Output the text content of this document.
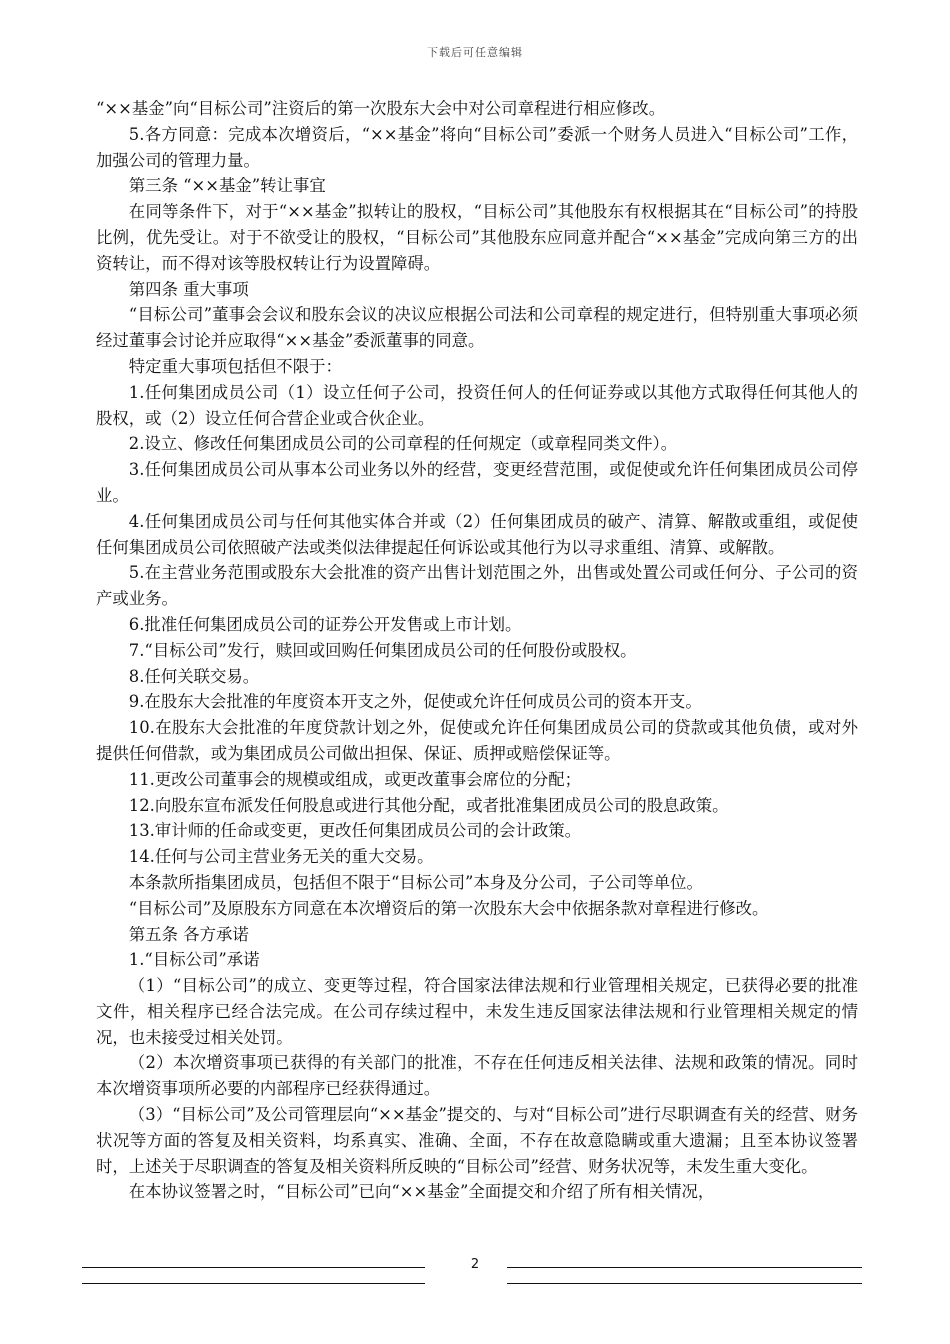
下载后可任意编辑

“××基金”向“目标公司”注资后的第一次股东大会中对公司章程进行相应修改。

5.各方同意：完成本次增资后，“××基金”将向“目标公司”委派一个财务人员进入“目标公司”工作，加强公司的管理力量。

第三条 “××基金”转让事宜

在同等条件下，对于“××基金”拟转让的股权，“目标公司”其他股东有权根据其在“目标公司”的持股比例，优先受让。对于不欲受让的股权，“目标公司”其他股东应同意并配合“××基金”完成向第三方的出资转让，而不得对该等股权转让行为设置障碍。

第四条 重大事项

“目标公司”董事会会议和股东会议的决议应根据公司法和公司章程的规定进行，但特别重大事项必须经过董事会讨论并应取得“××基金”委派董事的同意。

特定重大事项包括但不限于：

1.任何集团成员公司（1）设立任何子公司，投资任何人的任何证券或以其他方式取得任何其他人的股权，或（2）设立任何合营企业或合伙企业。

2.设立、修改任何集团成员公司的公司章程的任何规定（或章程同类文件）。

3.任何集团成员公司从事本公司业务以外的经营，变更经营范围，或促使或允许任何集团成员公司停业。

4.任何集团成员公司与任何其他实体合并或（2）任何集团成员的破产、清算、解散或重组，或促使任何集团成员公司依照破产法或类似法律提起任何诉讼或其他行为以寻求重组、清算、或解散。

5.在主营业务范围或股东大会批准的资产出售计划范围之外，出售或处置公司或任何分、子公司的资产或业务。

6.批准任何集团成员公司的证券公开发售或上市计划。

7.“目标公司”发行，赎回或回购任何集团成员公司的任何股份或股权。

8.任何关联交易。

9.在股东大会批准的年度资本开支之外，促使或允许任何成员公司的资本开支。

10.在股东大会批准的年度贷款计划之外，促使或允许任何集团成员公司的贷款或其他负债，或对外提供任何借款，或为集团成员公司做出担保、保证、质押或赔偿保证等。

11.更改公司董事会的规模或组成，或更改董事会席位的分配；

12.向股东宣布派发任何股息或进行其他分配，或者批准集团成员公司的股息政策。

13.审计师的任命或变更，更改任何集团成员公司的会计政策。

14.任何与公司主营业务无关的重大交易。

本条款所指集团成员，包括但不限于“目标公司”本身及分公司，子公司等单位。

“目标公司”及原股东方同意在本次增资后的第一次股东大会中依据条款对章程进行修改。

第五条 各方承诺

1.“目标公司”承诺

（1）“目标公司”的成立、变更等过程，符合国家法律法规和行业管理相关规定，已获得必要的批准文件，相关程序已经合法完成。在公司存续过程中，未发生违反国家法律法规和行业管理相关规定的情况，也未接受过相关处罚。

（2）本次增资事项已获得的有关部门的批准，不存在任何违反相关法律、法规和政策的情况。同时本次增资事项所必要的内部程序已经获得通过。

（3）“目标公司”及公司管理层向“××基金”提交的、与对“目标公司”进行尽职调查有关的经营、财务状况等方面的答复及相关资料，均系真实、准确、全面，不存在故意隐瞒或重大遗漏；且至本协议签署时，上述关于尽职调查的答复及相关资料所反映的“目标公司”经营、财务状况等，未发生重大变化。

在本协议签署之时，“目标公司”已向“××基金”全面提交和介绍了所有相关情况，

2
